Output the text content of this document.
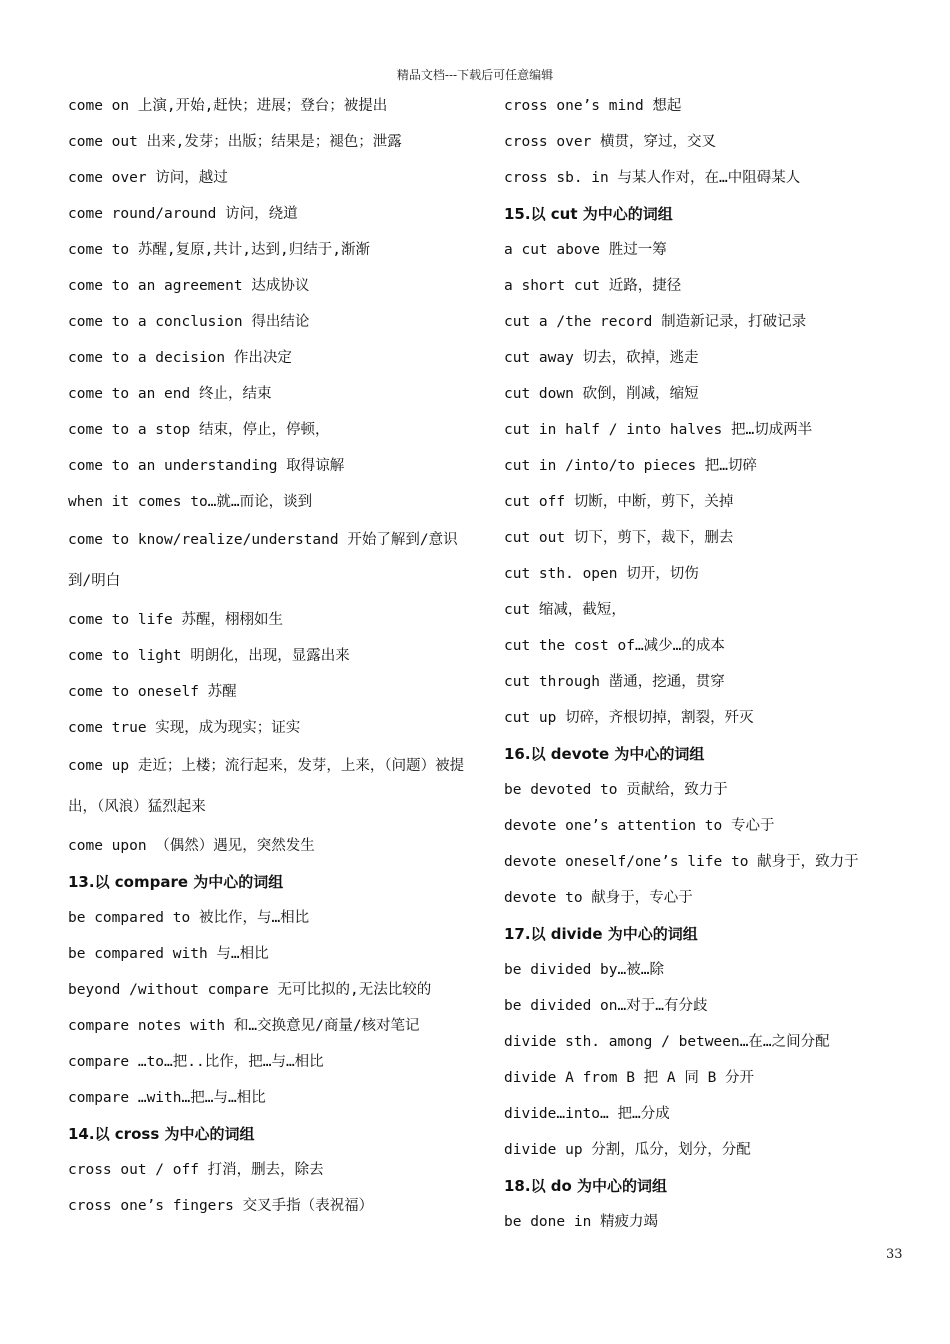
精品文档---下载后可任意编辑
come on 上演,开始,赶快；进展；登台；被提出
come out 出来,发芽；出版；结果是；褪色；泄露
come over 访问，越过
come round/around 访问，绕道
come to 苏醒,复原,共计,达到,归结于,渐渐
come to an agreement 达成协议
come to a conclusion 得出结论
come to a decision 作出决定
come to an end 终止，结束
come to a stop 结束，停止，停顿，
come to an understanding 取得谅解
when it comes to…就…而论，谈到
come to know/realize/understand 开始了解到/意识到/明白
come to life 苏醒，栩栩如生
come to light 明朗化，出现，显露出来
come to oneself 苏醒
come true 实现，成为现实；证实
come up 走近；上楼；流行起来，发芽，上来，（问题）被提出，（风浪）猛烈起来
come upon （偶然）遇见，突然发生
13.以 compare 为中心的词组
be compared to 被比作，与…相比
be compared with 与…相比
beyond /without compare 无可比拟的,无法比较的
compare notes with 和…交换意见/商量/核对笔记
compare …to…把..比作，把…与…相比
compare …with…把…与…相比
14.以 cross 为中心的词组
cross out / off 打消，删去，除去
cross one’s fingers 交叉手指（表祝福）
cross one’s mind 想起
cross over 横贯，穿过，交叉
cross sb. in 与某人作对，在…中阻碍某人
15.以 cut 为中心的词组
a cut above 胜过一筹
a short cut 近路，捷径
cut a /the record 制造新记录，打破记录
cut away 切去，砍掉，逃走
cut down 砍倒，削减，缩短
cut in half / into halves 把…切成两半
cut in /into/to pieces 把…切碎
cut off 切断，中断，剪下，关掉
cut out 切下，剪下，裁下，删去
cut sth. open 切开，切伤
cut 缩减，截短，
cut the cost of…减少…的成本
cut through 凿通，挖通，贯穿
cut up 切碎，齐根切掉，割裂，歼灭
16.以 devote 为中心的词组
be devoted to 贡献给，致力于
devote one’s attention to 专心于
devote oneself/one’s life to 献身于，致力于
devote to 献身于，专心于
17.以 divide 为中心的词组
be divided by…被…除
be divided on…对于…有分歧
divide sth. among / between…在…之间分配
divide A from B 把 A 同 B 分开
divide…into… 把…分成
divide up 分割，瓜分，划分，分配
18.以 do 为中心的词组
be done in 精疲力竭
33
